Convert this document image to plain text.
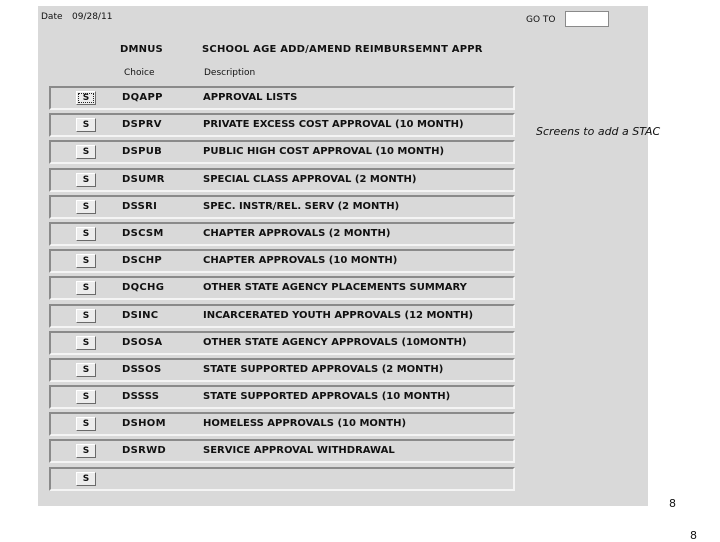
Date 09/28/11	GO TO
DMNUS	SCHOOL AGE ADD/AMEND REIMBURSEMNT APPR
Choice	Description
S	DQAPP	APPROVAL LISTS
S	DSPRV	PRIVATE EXCESS COST APPROVAL (10 MONTH)
S	DSPUB	PUBLIC HIGH COST APPROVAL (10 MONTH)
S	DSUMR	SPECIAL CLASS APPROVAL (2 MONTH)
S	DSSRI	SPEC. INSTR/REL. SERV (2 MONTH)
S	DSCSM	CHAPTER APPROVALS (2 MONTH)
S	DSCHP	CHAPTER APPROVALS (10 MONTH)
S	DQCHG	OTHER STATE AGENCY PLACEMENTS SUMMARY
S	DSINC	INCARCERATED YOUTH APPROVALS (12 MONTH)
S	DSOSA	OTHER STATE AGENCY APPROVALS (10MONTH)
S	DSSOS	STATE SUPPORTED APPROVALS (2 MONTH)
S	DSSSS	STATE SUPPORTED APPROVALS (10 MONTH)
S	DSHOM	HOMELESS APPROVALS (10 MONTH)
S	DSRWD	SERVICE APPROVAL WITHDRAWAL
S
Screens to add a STAC
8
8
